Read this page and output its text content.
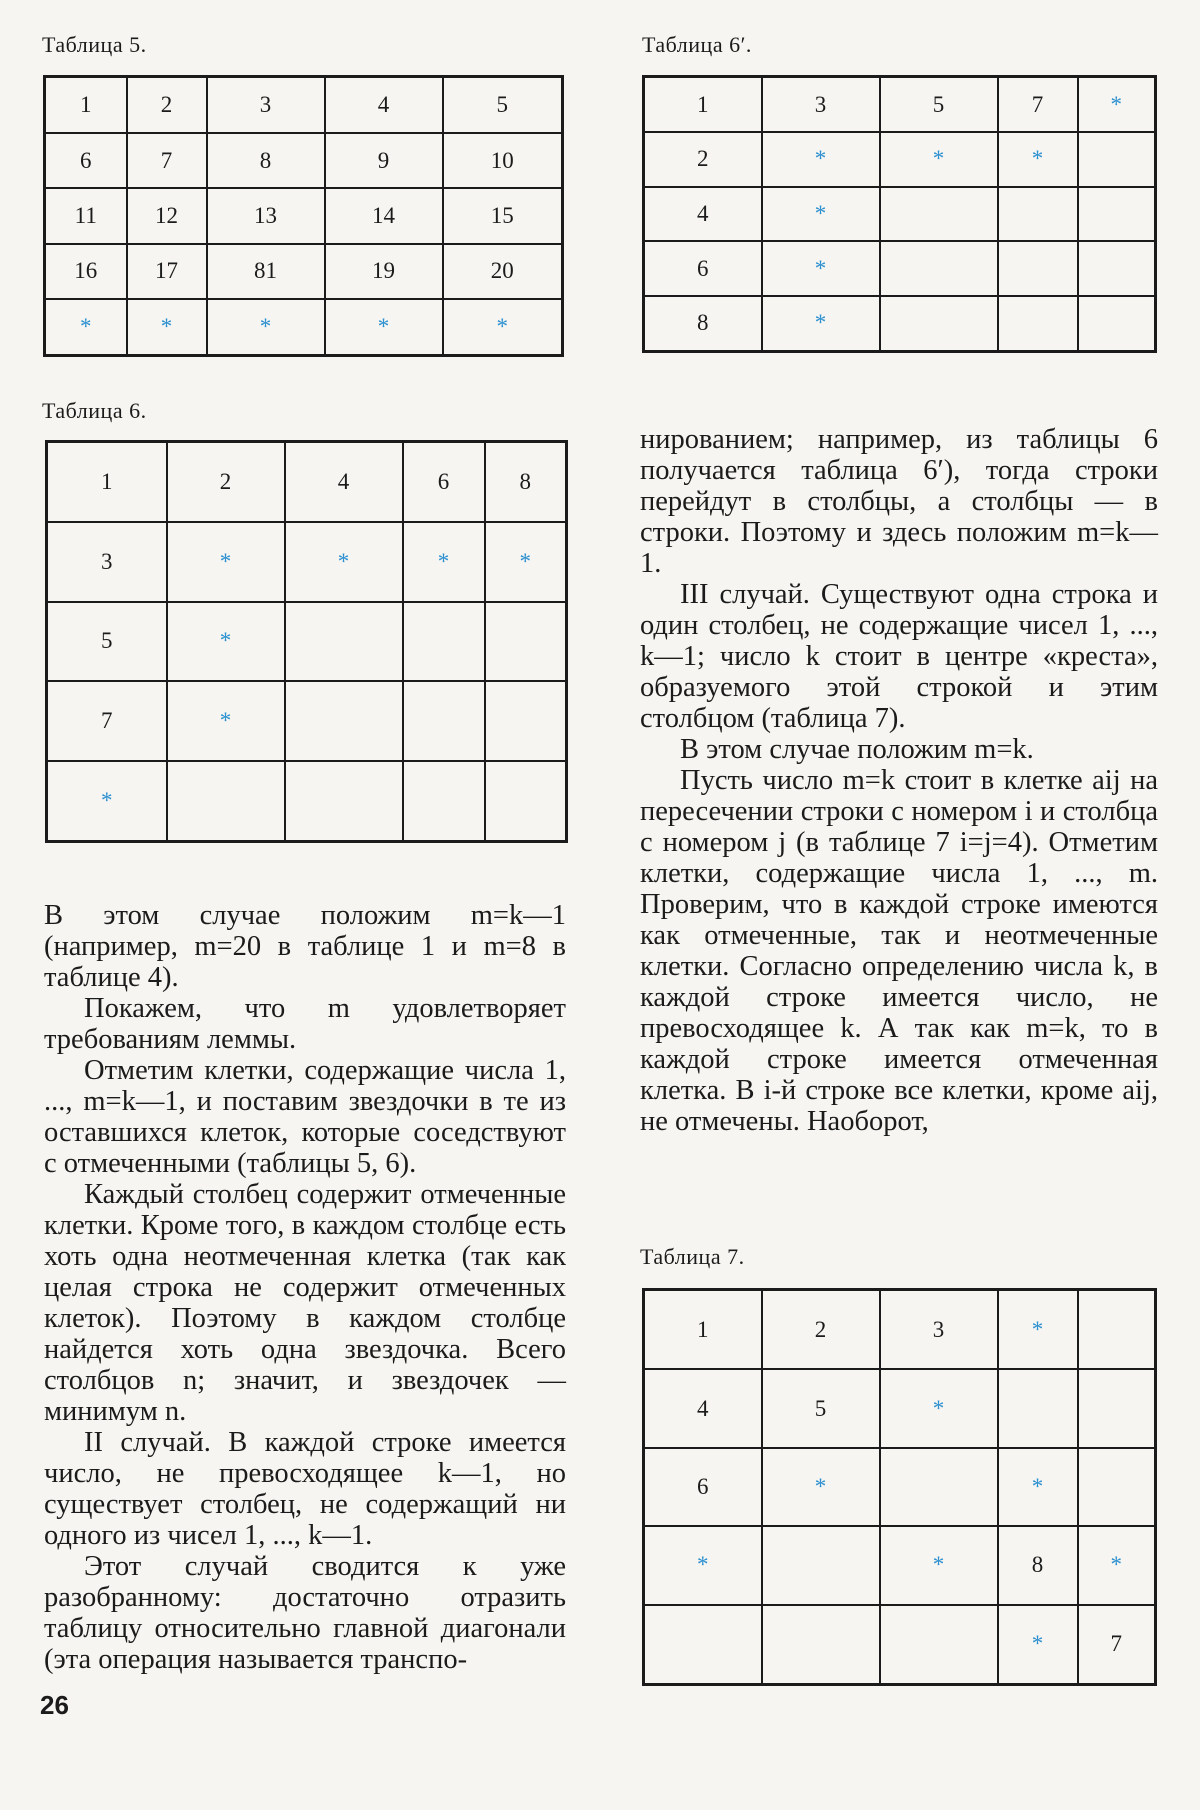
Таблица 5.	Таблица 6′.
Таблица 6.
Таблица 7.
1	2	3	4	5
6	7	8	9	10
11	12	13	14	15
16	17	81	19	20
*	*	*	*	*
1	3	5	7	*
2	*	*	*	
4	*			
6	*			
8	*			
1	2	4	6	8
3	*	*	*	*
5	*			
7	*			
*				
1	2	3	*	
4	5	*		
6	*		*	
*		*	8	*
			*	7

В этом случае положим m=k—1 (например, m=20 в таблице 1 и m=8 в таблице 4).

Покажем, что m удовлетворяет требованиям леммы.

Отметим клетки, содержащие числа 1, ..., m=k—1, и поставим звездочки в те из оставшихся клеток, которые соседствуют с отмеченными (таблицы 5, 6).

Каждый столбец содержит отмеченные клетки. Кроме того, в каждом столбце есть хоть одна неотмеченная клетка (так как целая строка не содержит отмеченных клеток). Поэтому в каждом столбце найдется хоть одна звездочка. Всего столбцов n; значит, и звездочек — минимум n.

II случай. В каждой строке имеется число, не превосходящее k—1, но существует столбец, не содержащий ни одного из чисел 1, ..., k—1.

Этот случай сводится к уже разобранному: достаточно отразить таблицу относительно главной диагонали (эта операция называется транспо-

нированием; например, из таблицы 6 получается таблица 6′), тогда строки перейдут в столбцы, а столбцы — в строки. Поэтому и здесь положим m=k—1.

III случай. Существуют одна строка и один столбец, не содержащие чисел 1, ..., k—1; число k стоит в центре «креста», образуемого этой строкой и этим столбцом (таблица 7).

В этом случае положим m=k.

Пусть число m=k стоит в клетке aij на пересечении строки с номером i и столбца с номером j (в таблице 7 i=j=4). Отметим клетки, содержащие числа 1, ..., m. Проверим, что в каждой строке имеются как отмеченные, так и неотмеченные клетки. Согласно определению числа k, в каждой строке имеется число, не превосходящее k. А так как m=k, то в каждой строке имеется отмеченная клетка. В i-й строке все клетки, кроме aij, не отмечены. Наоборот,

26
